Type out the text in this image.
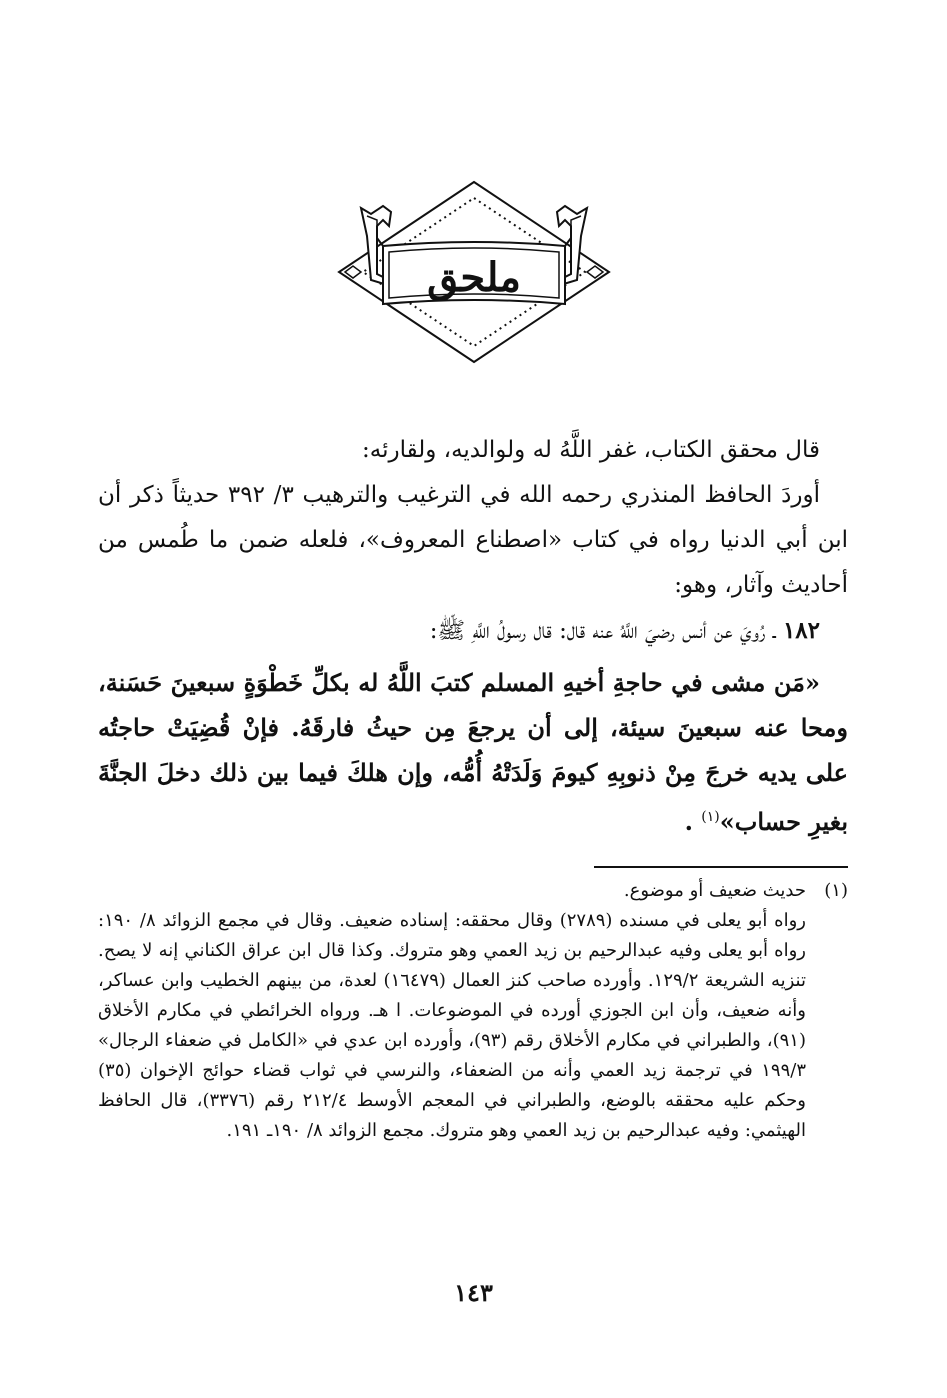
ملحق

قال محقق الكتاب، غفر اللَّهُ له ولوالديه، ولقارئه:

أوردَ الحافظ المنذري رحمه الله في الترغيب والترهيب ٣/ ٣٩٢ حديثاً ذكر أن ابن أبي الدنيا رواه في كتاب «اصطناع المعروف»، فلعله ضمن ما طُمس من أحاديث وآثار، وهو:

١٨٢ ـ رُويَ عن أنس رضيَ اللَّهُ عنه قال: قال رسولُ اللَّهِ ﷺ:

«مَن مشى في حاجةِ أخيهِ المسلم كتبَ اللَّهُ له بكلِّ خَطْوَةٍ سبعينَ حَسَنة، ومحا عنه سبعينَ سيئة، إلى أن يرجعَ مِن حيثُ فارقَهُ. فإنْ قُضِيَتْ حاجتُه على يديه خرجَ مِنْ ذنوبِهِ كيومَ وَلَدَتْهُ أُمُّه، وإن هلكَ فيما بين ذلك دخلَ الجنَّةَ بغيرِ حساب»$^{(١)}$ .

(١)حديث ضعيف أو موضوع.

رواه أبو يعلى في مسنده (٢٧٨٩) وقال محققه: إسناده ضعيف. وقال في مجمع الزوائد ٨/ ١٩٠: رواه أبو يعلى وفيه عبدالرحيم بن زيد العمي وهو متروك. وكذا قال ابن عراق الكناني إنه لا يصح. تنزيه الشريعة ١٢٩/٢. وأورده صاحب كنز العمال (١٦٤٧٩) لعدة، من بينهم الخطيب وابن عساكر، وأنه ضعيف، وأن ابن الجوزي أورده في الموضوعات. ا هـ. ورواه الخرائطي في مكارم الأخلاق (٩١)، والطبراني في مكارم الأخلاق رقم (٩٣)، وأورده ابن عدي في «الكامل في ضعفاء الرجال» ١٩٩/٣ في ترجمة زيد العمي وأنه من الضعفاء، والنرسي في ثواب قضاء حوائج الإخوان (٣٥) وحكم عليه محققه بالوضع، والطبراني في المعجم الأوسط ٢١٢/٤ رقم (٣٣٧٦)، قال الحافظ الهيثمي: وفيه عبدالرحيم بن زيد العمي وهو متروك. مجمع الزوائد ٨/ ١٩٠ـ ١٩١.

١٤٣
